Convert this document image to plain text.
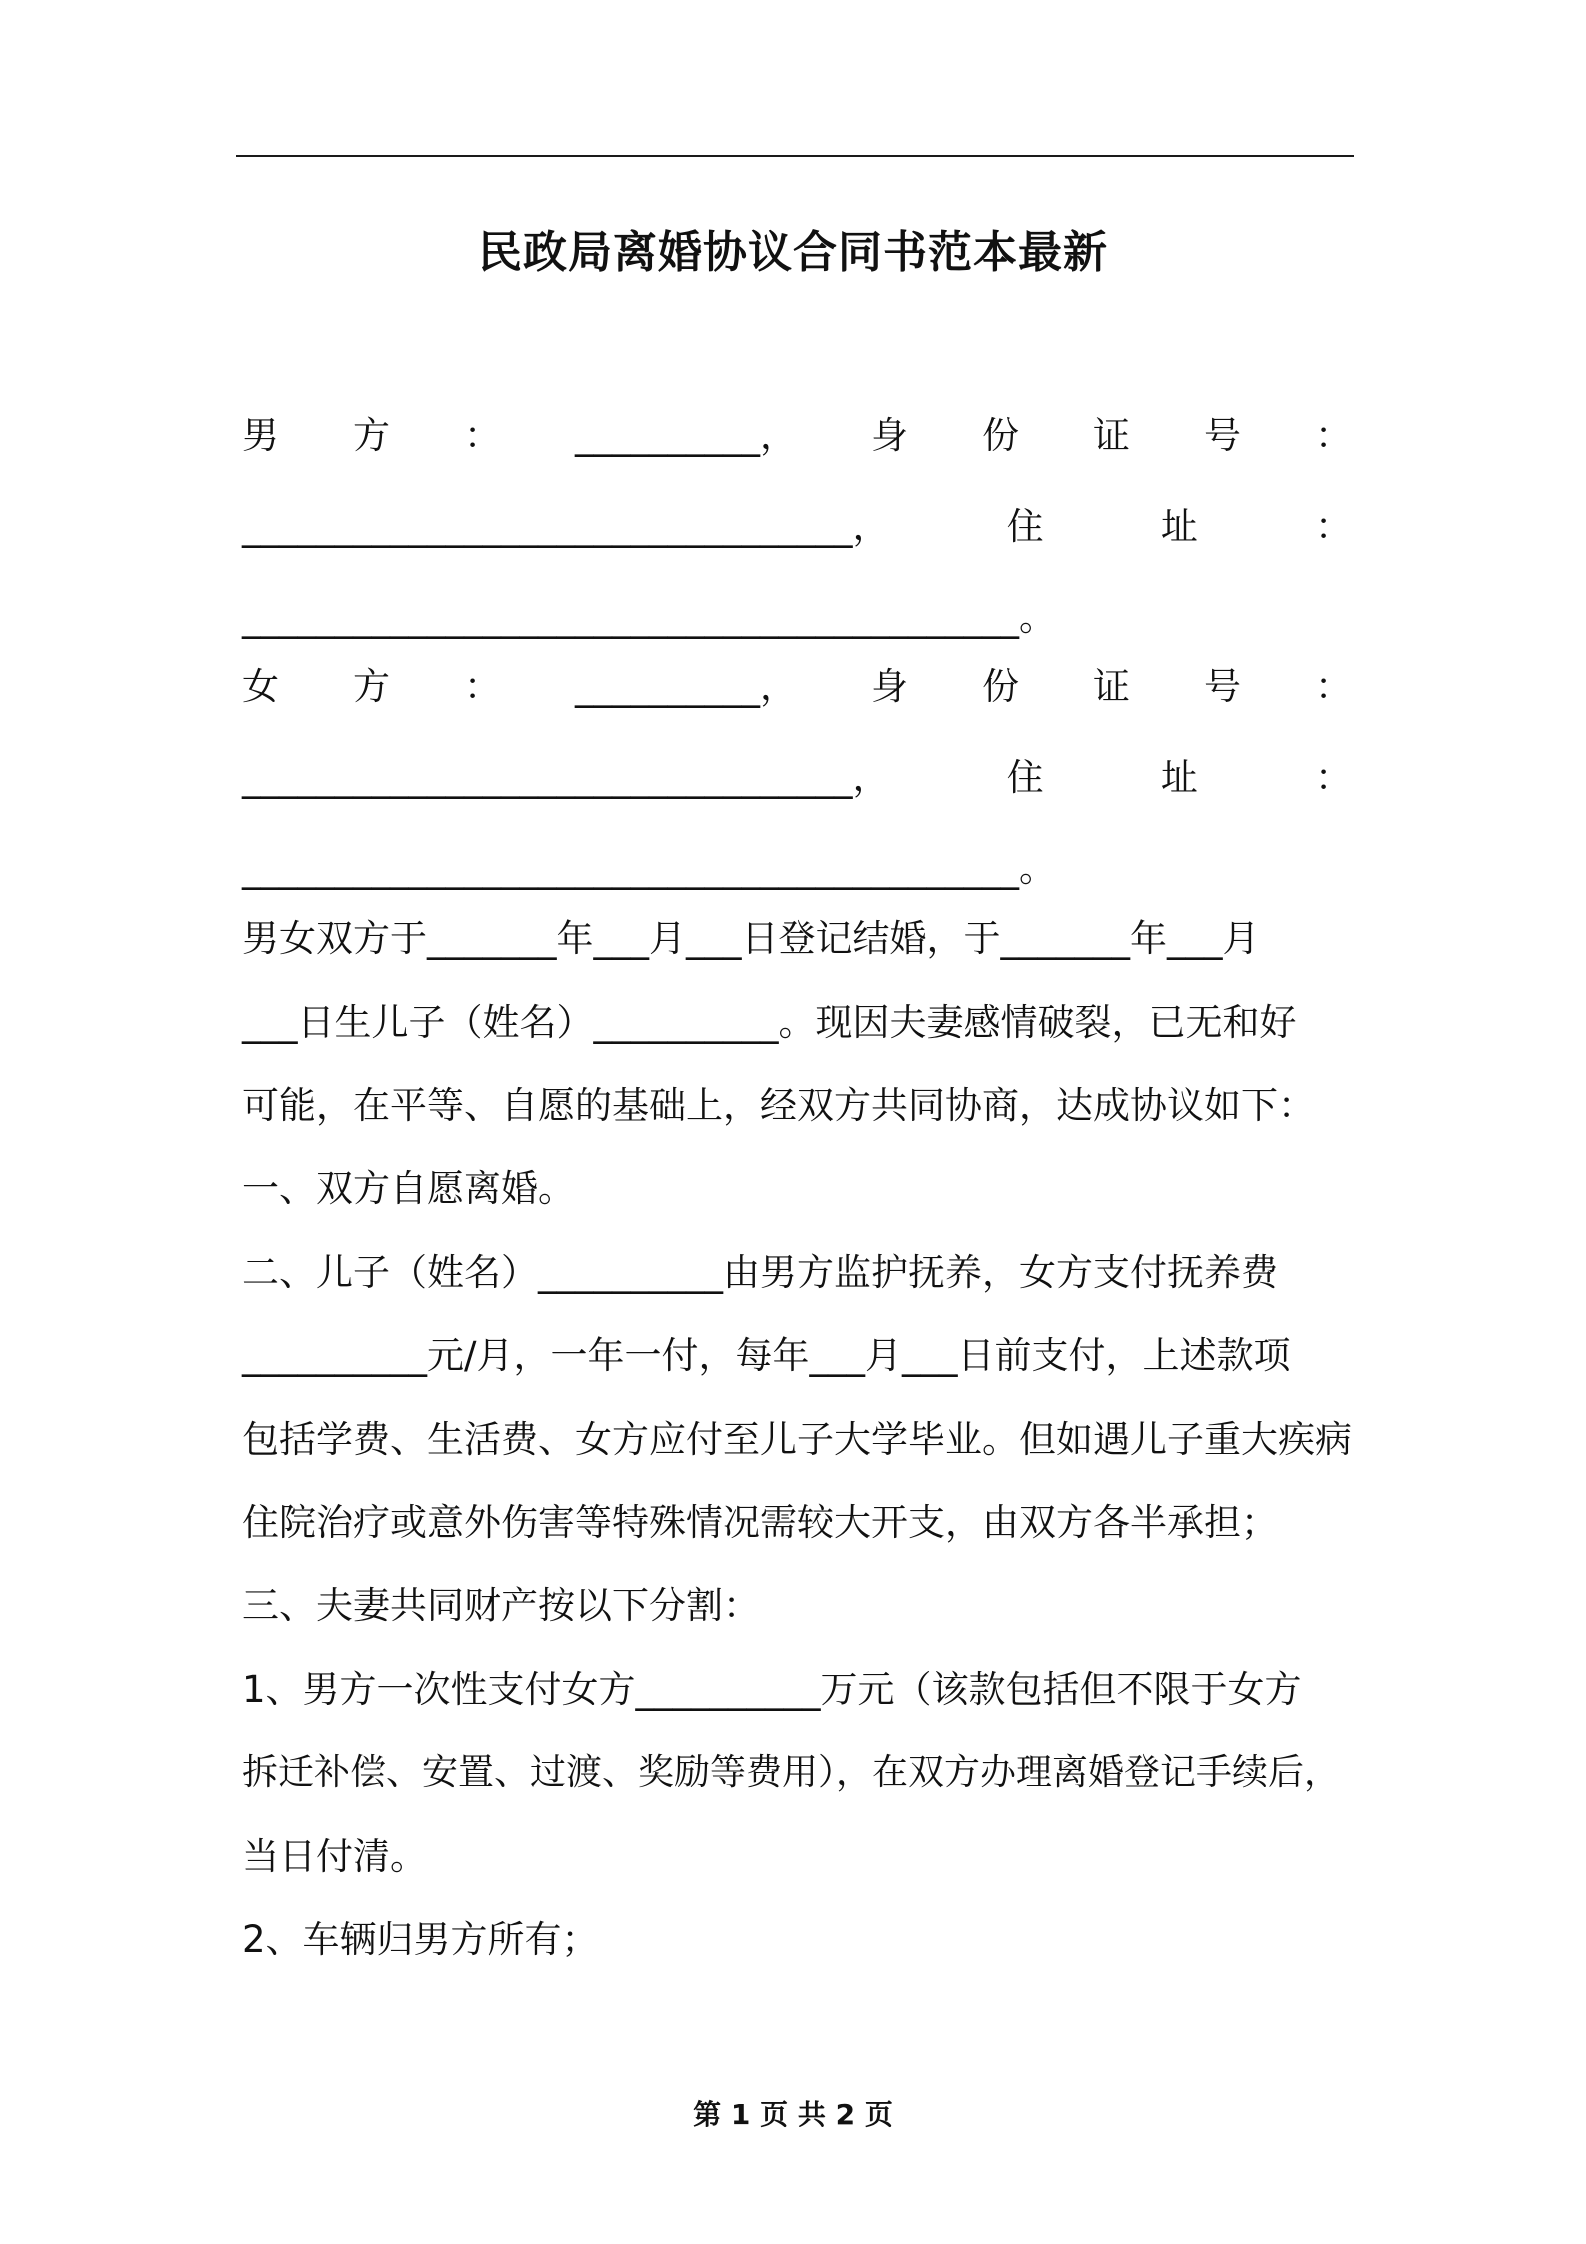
民政局离婚协议合同书范本最新
男 方 ： __________， 身 份 证 号 ：
_________________________________，	住	址	：
__________________________________________。
女 方 ： __________， 身 份 证 号 ：
_________________________________，	住	址	：
__________________________________________。
男女双方于_______年___月___日登记结婚，于_______年___月
___日生儿子（姓名）__________。现因夫妻感情破裂，已无和好
可能，在平等、自愿的基础上，经双方共同协商，达成协议如下：
一、双方自愿离婚。
二、儿子（姓名）__________由男方监护抚养，女方支付抚养费
__________元/月，一年一付，每年___月___日前支付，上述款项
包括学费、生活费、女方应付至儿子大学毕业。但如遇儿子重大疾病
住院治疗或意外伤害等特殊情况需较大开支，由双方各半承担；
三、夫妻共同财产按以下分割：
1、男方一次性支付女方__________万元（该款包括但不限于女方
拆迁补偿、安置、过渡、奖励等费用），在双方办理离婚登记手续后，
当日付清。
2、车辆归男方所有；
第 1 页 共 2 页
